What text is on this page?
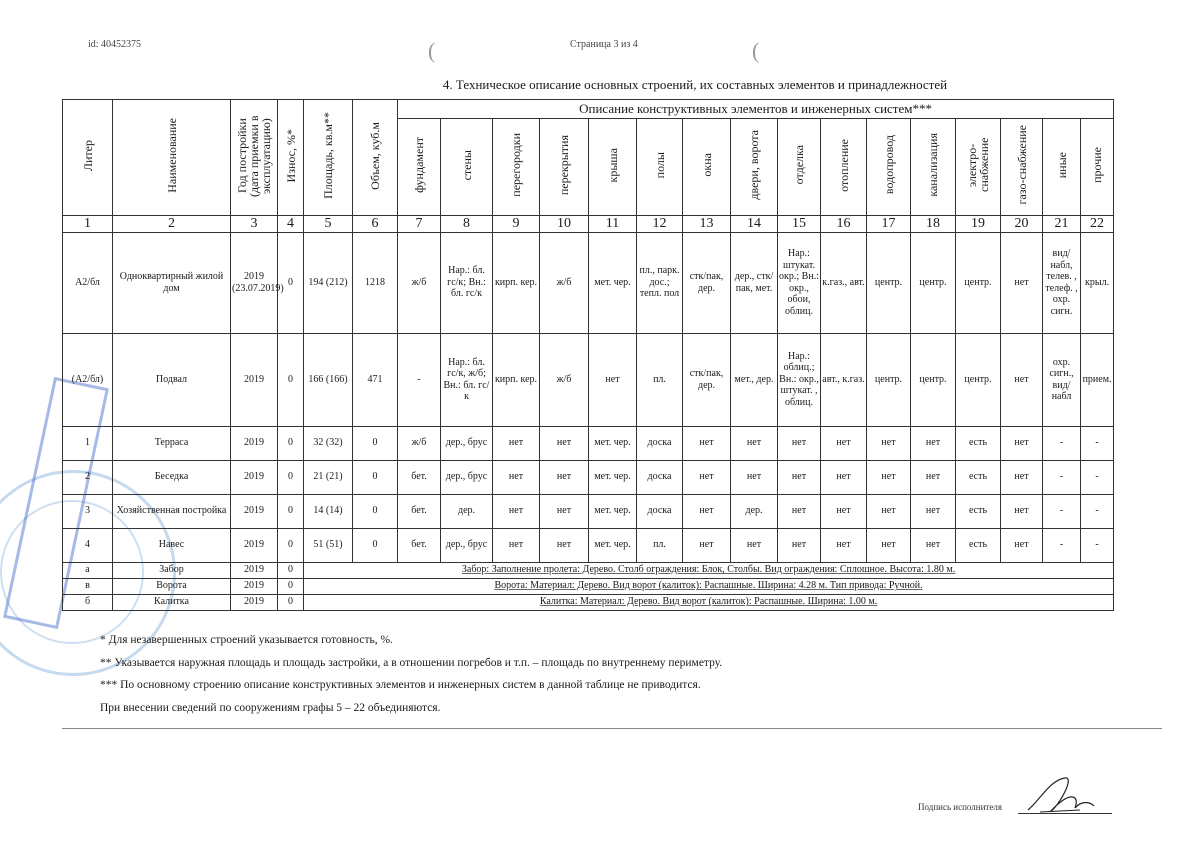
id: 40452375	(	Страница 3 из 4	(
4. Техническое описание основных строений, их составных элементов и принадлежностей
Литер	Наименование	Год постройки (дата приемки в эксплуатацию)	Износ, %*	Площадь, кв.м**	Объем, куб.м	Описание конструктивных элементов и инженерных систем***															
						фундамент	стены	перегородки	перекрытия	крыша	полы	окна	двери, ворота	отделка	отопление	водопровод	канализация	электро-снабжение	газо-снабжение	иные	прочие
1	2	3	4	5	6	7	8	9	10	11	12	13	14	15	16	17	18	19	20	21	22
А2/бл	Однoквартирный жилой дом	2019 (23.07.2019)	0	194 (212)	1218	ж/б	Нар.: бл. гс/к; Вн.: бл. гс/к	кирп. кер.	ж/б	мет. чер.	пл., парк. дос.; тепл. пол	стк/пак, дер.	дер., стк/пак, мет.	Нар.: штукат. окр.; Вн.: окр., обои, облиц.	к.газ., авт.	центр.	центр.	центр.	нет	вид/ набл, телев. , телеф. , охр. сигн.	крыл.
(А2/бл)	Подвал	2019	0	166 (166)	471	-	Нар.: бл. гс/к, ж/б; Вн.: бл. гс/к	кирп. кер.	ж/б	нет	пл.	стк/пак, дер.	мет., дер.	Нар.: облиц.; Вн.: окр., штукат. , облиц.	авт., к.газ.	центр.	центр.	центр.	нет	охр. сигн., вид/ набл	прием.
1	Терраса	2019	0	32 (32)	0	ж/б	дер., брус	нет	нет	мет. чер.	доска	нет	нет	нет	нет	нет	нет	есть	нет	-	-
2	Беседка	2019	0	21 (21)	0	бет.	дер., брус	нет	нет	мет. чер.	доска	нет	нет	нет	нет	нет	нет	есть	нет	-	-
3	Хозяйственная постройка	2019	0	14 (14)	0	бет.	дер.	нет	нет	мет. чер.	доска	нет	дер.	нет	нет	нет	нет	есть	нет	-	-
4	Навес	2019	0	51 (51)	0	бет.	дер., брус	нет	нет	мет. чер.	пл.	нет	нет	нет	нет	нет	нет	есть	нет	-	-
а	Забор	2019	0	Забор: Заполнение пролета: Дерево. Столб ограждения: Блок, Столбы. Вид ограждения: Сплошное. Высота: 1.80 м.																	
в	Ворота	2019	0	Ворота: Материал: Дерево. Вид ворот (калиток): Распашные. Ширина: 4.28 м. Тип привода: Ручной.																	
б	Калитка	2019	0	Калитка: Материал: Дерево. Вид ворот (калиток): Распашные. Ширина: 1.00 м.																	
* Для незавершенных строений указывается готовность, %.
** Указывается наружная площадь и площадь застройки, а в отношении погребов и т.п. – площадь по внутреннему периметру.
*** По основному строению описание конструктивных элементов и инженерных систем в данной таблице не приводится.
При внесении сведений по сооружениям графы 5 – 22 объединяются.
Подпись исполнителя
